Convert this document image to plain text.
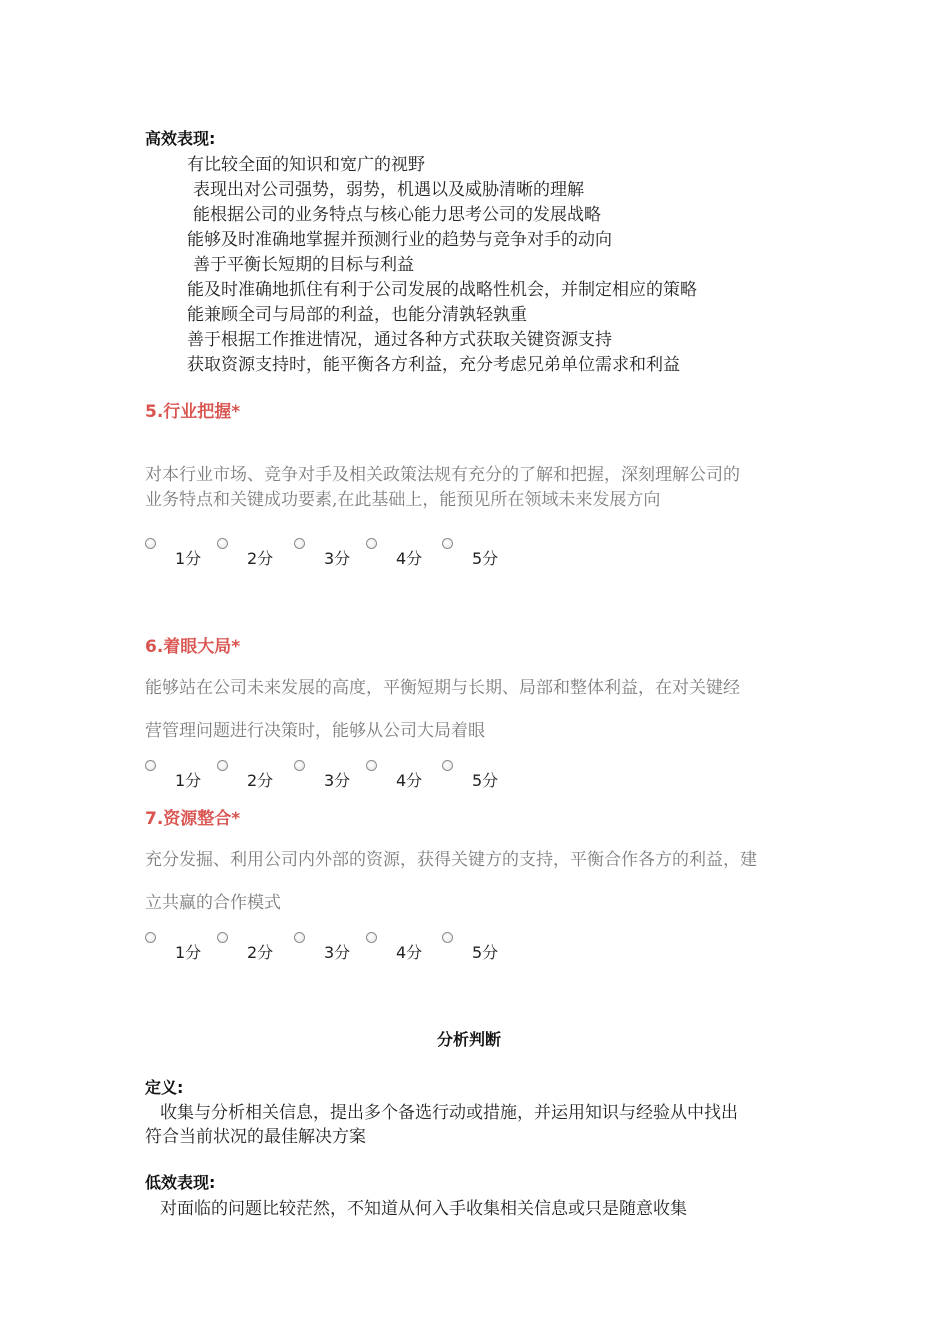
高效表现:
有比较全面的知识和宽广的视野
表现出对公司强势，弱势，机遇以及威胁清晰的理解
能根据公司的业务特点与核心能力思考公司的发展战略
能够及时准确地掌握并预测行业的趋势与竞争对手的动向
善于平衡长短期的目标与利益
能及时准确地抓住有利于公司发展的战略性机会，并制定相应的策略
能兼顾全司与局部的利益，也能分清孰轻孰重
善于根据工作推进情况，通过各种方式获取关键资源支持
获取资源支持时，能平衡各方利益，充分考虑兄弟单位需求和利益
5.行业把握*
对本行业市场、竞争对手及相关政策法规有充分的了解和把握，深刻理解公司的
业务特点和关键成功要素,在此基础上，能预见所在领域未来发展方向
1分	2分	3分	4分	5分
6.着眼大局*
能够站在公司未来发展的高度，平衡短期与长期、局部和整体利益，在对关键经
营管理问题进行决策时，能够从公司大局着眼
1分	2分	3分	4分	5分
7.资源整合*
充分发掘、利用公司内外部的资源，获得关键方的支持，平衡合作各方的利益，建
立共赢的合作模式
1分	2分	3分	4分	5分
分析判断
定义:
收集与分析相关信息，提出多个备选行动或措施，并运用知识与经验从中找出
符合当前状况的最佳解决方案
低效表现:
对面临的问题比较茫然，不知道从何入手收集相关信息或只是随意收集
